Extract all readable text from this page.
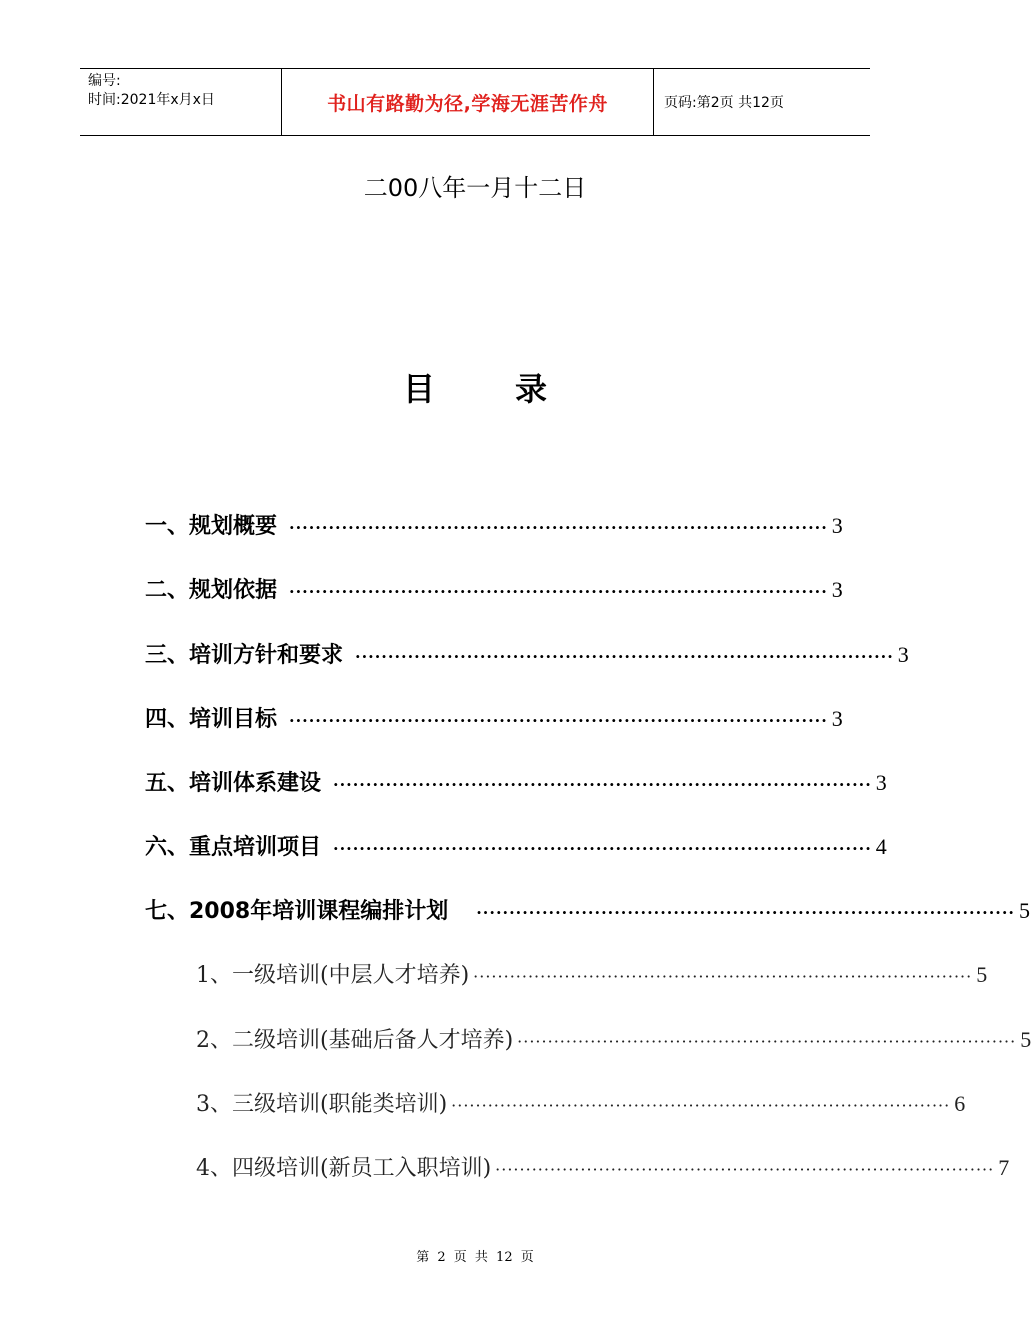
编号:
时间:2021年x月x日	书山有路勤为径,学海无涯苦作舟	页码:第2页 共12页
二00八年一月十二日
目	录
一、规划概要 ·················································································· 3
二、规划依据 ·················································································· 3
三、培训方针和要求 ·················································································· 3
四、培训目标 ·················································································· 3
五、培训体系建设 ·················································································· 3
六、重点培训项目 ·················································································· 4
七、2008年培训课程编排计划 ·················································································· 5
1、一级培训(中层人才培养) ·················································································· 5
2、二级培训(基础后备人才培养) ·················································································· 5
3、三级培训(职能类培训) ·················································································· 6
4、四级培训(新员工入职培训) ·················································································· 7
第 2 页 共 12 页
